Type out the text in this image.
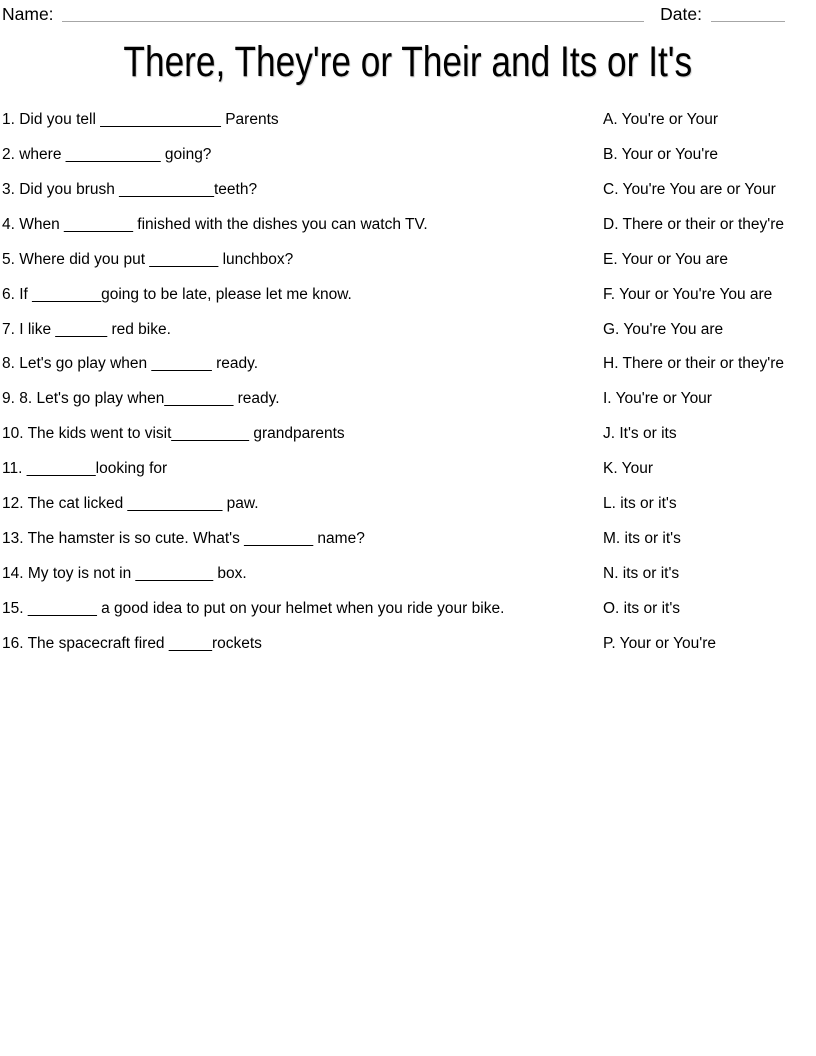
Name:	Date:
There, They're or Their and Its or It's
1. Did you tell ______________ Parents	A. You're or Your
2. where ___________ going?	B. Your or You're
3. Did you brush ___________teeth?	C. You're You are or Your
4. When ________ finished with the dishes you can watch TV.	D. There or their or they're
5. Where did you put ________ lunchbox?	E. Your or You are
6. If ________going to be late, please let me know.	F. Your or You're You are
7. I like ______ red bike.	G. You're You are
8. Let's go play when _______ ready.	H. There or their or they're
9. 8. Let's go play when________ ready.	I. You're or Your
10. The kids went to visit_________ grandparents	J. It's or its
11. ________looking for	K. Your
12. The cat licked ___________ paw.	L. its or it's
13. The hamster is so cute. What's ________ name?	M. its or it's
14. My toy is not in _________ box.	N. its or it's
15. ________ a good idea to put on your helmet when you ride your bike.	O. its or it's
16. The spacecraft fired _____rockets	P. Your or You're
